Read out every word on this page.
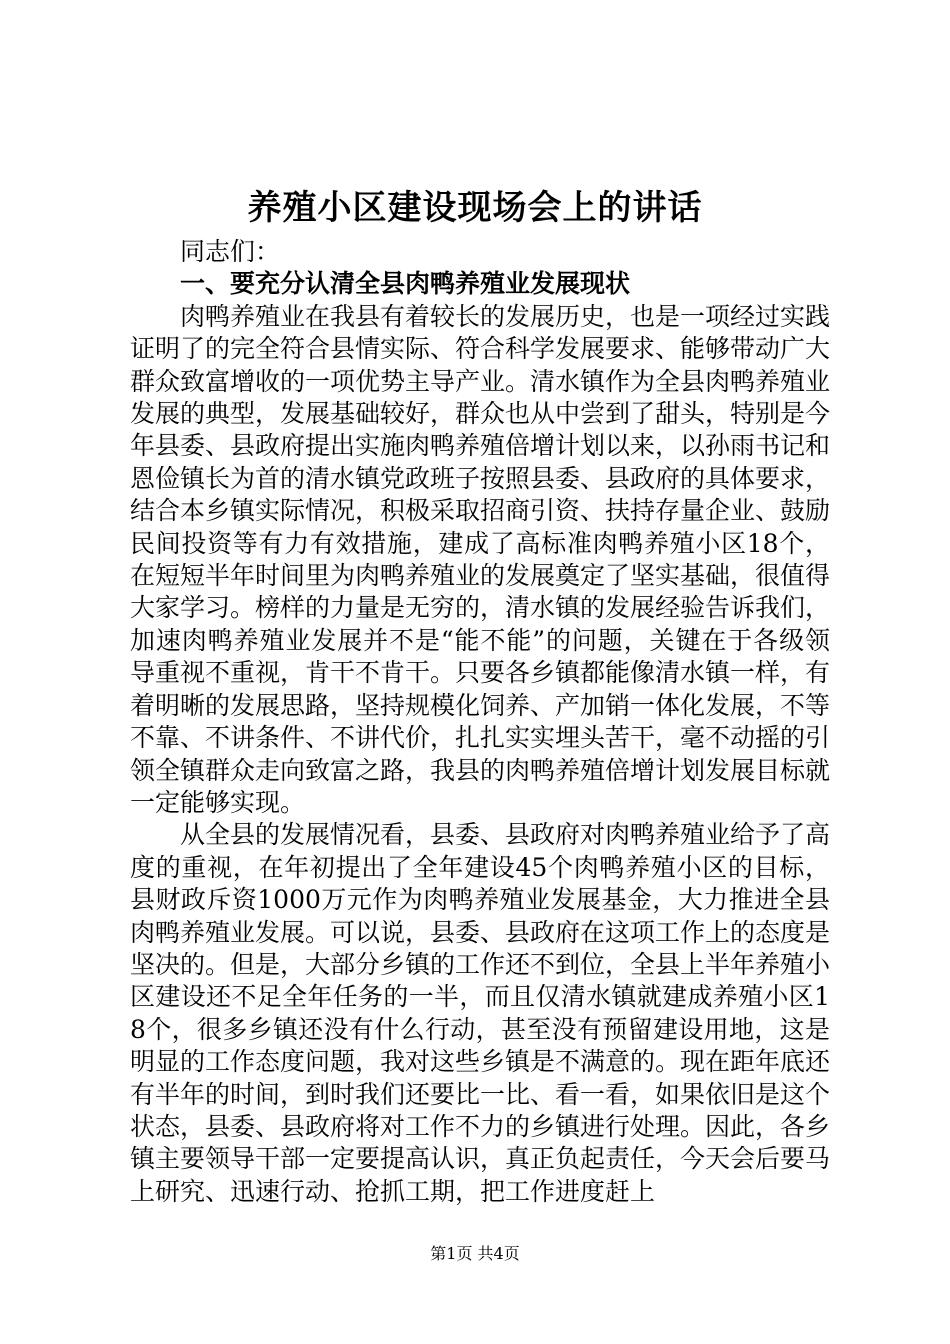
养殖小区建设现场会上的讲话

同志们：

一、要充分认清全县肉鸭养殖业发展现状

肉鸭养殖业在我县有着较长的发展历史，也是一项经过实践证明了的完全符合县情实际、符合科学发展要求、能够带动广大群众致富增收的一项优势主导产业。清水镇作为全县肉鸭养殖业发展的典型，发展基础较好，群众也从中尝到了甜头，特别是今年县委、县政府提出实施肉鸭养殖倍增计划以来，以孙雨书记和恩俭镇长为首的清水镇党政班子按照县委、县政府的具体要求，结合本乡镇实际情况，积极采取招商引资、扶持存量企业、鼓励民间投资等有力有效措施，建成了高标准肉鸭养殖小区18个，在短短半年时间里为肉鸭养殖业的发展奠定了坚实基础，很值得大家学习。榜样的力量是无穷的，清水镇的发展经验告诉我们，加速肉鸭养殖业发展并不是“能不能”的问题，关键在于各级领导重视不重视，肯干不肯干。只要各乡镇都能像清水镇一样，有着明晰的发展思路，坚持规模化饲养、产加销一体化发展，不等不靠、不讲条件、不讲代价，扎扎实实埋头苦干，毫不动摇的引领全镇群众走向致富之路，我县的肉鸭养殖倍增计划发展目标就一定能够实现。

从全县的发展情况看，县委、县政府对肉鸭养殖业给予了高度的重视，在年初提出了全年建设45个肉鸭养殖小区的目标，县财政斥资1000万元作为肉鸭养殖业发展基金，大力推进全县肉鸭养殖业发展。可以说，县委、县政府在这项工作上的态度是坚决的。但是，大部分乡镇的工作还不到位，全县上半年养殖小区建设还不足全年任务的一半，而且仅清水镇就建成养殖小区18个，很多乡镇还没有什么行动，甚至没有预留建设用地，这是明显的工作态度问题，我对这些乡镇是不满意的。现在距年底还有半年的时间，到时我们还要比一比、看一看，如果依旧是这个状态，县委、县政府将对工作不力的乡镇进行处理。因此，各乡镇主要领导干部一定要提高认识，真正负起责任，今天会后要马上研究、迅速行动、抢抓工期，把工作进度赶上

第1页 共4页
